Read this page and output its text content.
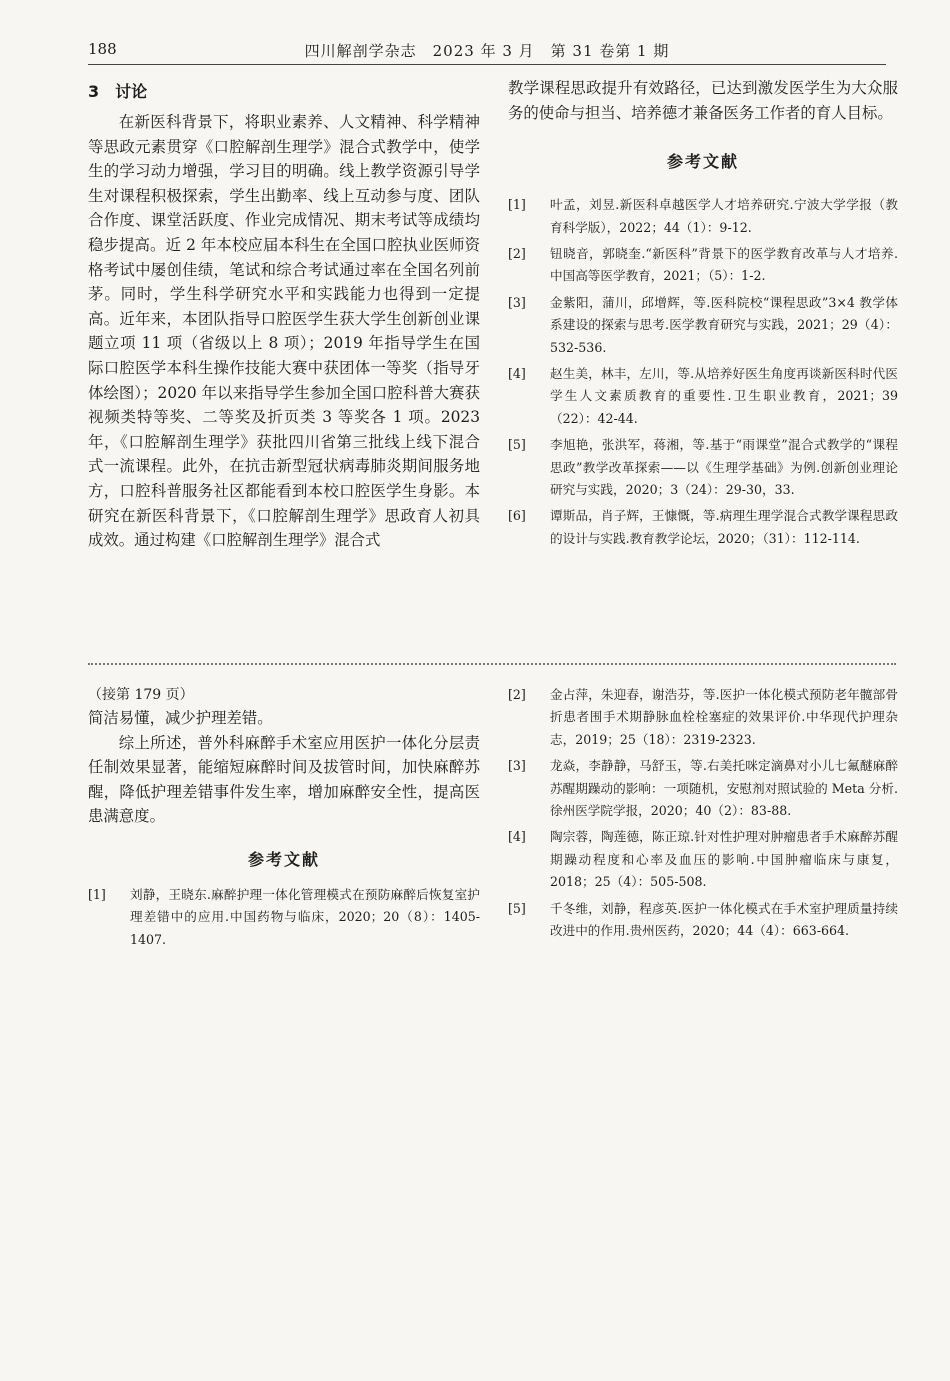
188	四川解剖学杂志　2023 年 3 月　第 31 卷第 1 期
3　讨论

在新医科背景下，将职业素养、人文精神、科学精神等思政元素贯穿《口腔解剖生理学》混合式教学中，使学生的学习动力增强，学习目的明确。线上教学资源引导学生对课程积极探索，学生出勤率、线上互动参与度、团队合作度、课堂活跃度、作业完成情况、期末考试等成绩均稳步提高。近 2 年本校应届本科生在全国口腔执业医师资格考试中屡创佳绩，笔试和综合考试通过率在全国名列前茅。同时，学生科学研究水平和实践能力也得到一定提高。近年来，本团队指导口腔医学生获大学生创新创业课题立项 11 项（省级以上 8 项）；2019 年指导学生在国际口腔医学本科生操作技能大赛中获团体一等奖（指导牙体绘图）；2020 年以来指导学生参加全国口腔科普大赛获视频类特等奖、二等奖及折页类 3 等奖各 1 项。2023 年，《口腔解剖生理学》获批四川省第三批线上线下混合式一流课程。此外，在抗击新型冠状病毒肺炎期间服务地方，口腔科普服务社区都能看到本校口腔医学生身影。本研究在新医科背景下，《口腔解剖生理学》思政育人初具成效。通过构建《口腔解剖生理学》混合式

教学课程思政提升有效路径，已达到激发医学生为大众服务的使命与担当、培养德才兼备医务工作者的育人目标。

参考文献
[1]	叶孟，刘昱.新医科卓越医学人才培养研究.宁波大学学报（教育科学版），2022；44（1）：9-12.
[2]	钮晓音，郭晓奎.“新医科”背景下的医学教育改革与人才培养.中国高等医学教育，2021；（5）：1-2.
[3]	金紫阳，蒲川，邱增辉，等.医科院校“课程思政”3×4 教学体系建设的探索与思考.医学教育研究与实践，2021；29（4）：532-536.
[4]	赵生美，林丰，左川，等.从培养好医生角度再谈新医科时代医学生人文素质教育的重要性.卫生职业教育，2021；39（22）：42-44.
[5]	李旭艳，张洪军，蒋湘，等.基于“雨课堂”混合式教学的“课程思政”教学改革探索——以《生理学基础》为例.创新创业理论研究与实践，2020；3（24）：29-30，33.
[6]	谭斯品，肖子辉，王慷慨，等.病理生理学混合式教学课程思政的设计与实践.教育教学论坛，2020；（31）：112-114.

（接第 179 页）

简洁易懂，减少护理差错。

综上所述，普外科麻醉手术室应用医护一体化分层责任制效果显著，能缩短麻醉时间及拔管时间，加快麻醉苏醒，降低护理差错事件发生率，增加麻醉安全性，提高医患满意度。

参考文献
[1]	刘静，王晓东.麻醉护理一体化管理模式在预防麻醉后恢复室护理差错中的应用.中国药物与临床，2020；20（8）：1405-1407.
[2]	金占萍，朱迎春，谢浩芬，等.医护一体化模式预防老年髋部骨折患者围手术期静脉血栓栓塞症的效果评价.中华现代护理杂志，2019；25（18）：2319-2323.
[3]	龙焱，李静静，马舒玉，等.右美托咪定滴鼻对小儿七氟醚麻醉苏醒期躁动的影响：一项随机，安慰剂对照试验的 Meta 分析.徐州医学院学报，2020；40（2）：83-88.
[4]	陶宗蓉，陶莲德，陈正琼.针对性护理对肿瘤患者手术麻醉苏醒期躁动程度和心率及血压的影响.中国肿瘤临床与康复，2018；25（4）：505-508.
[5]	千冬维，刘静，程彦英.医护一体化模式在手术室护理质量持续改进中的作用.贵州医药，2020；44（4）：663-664.
